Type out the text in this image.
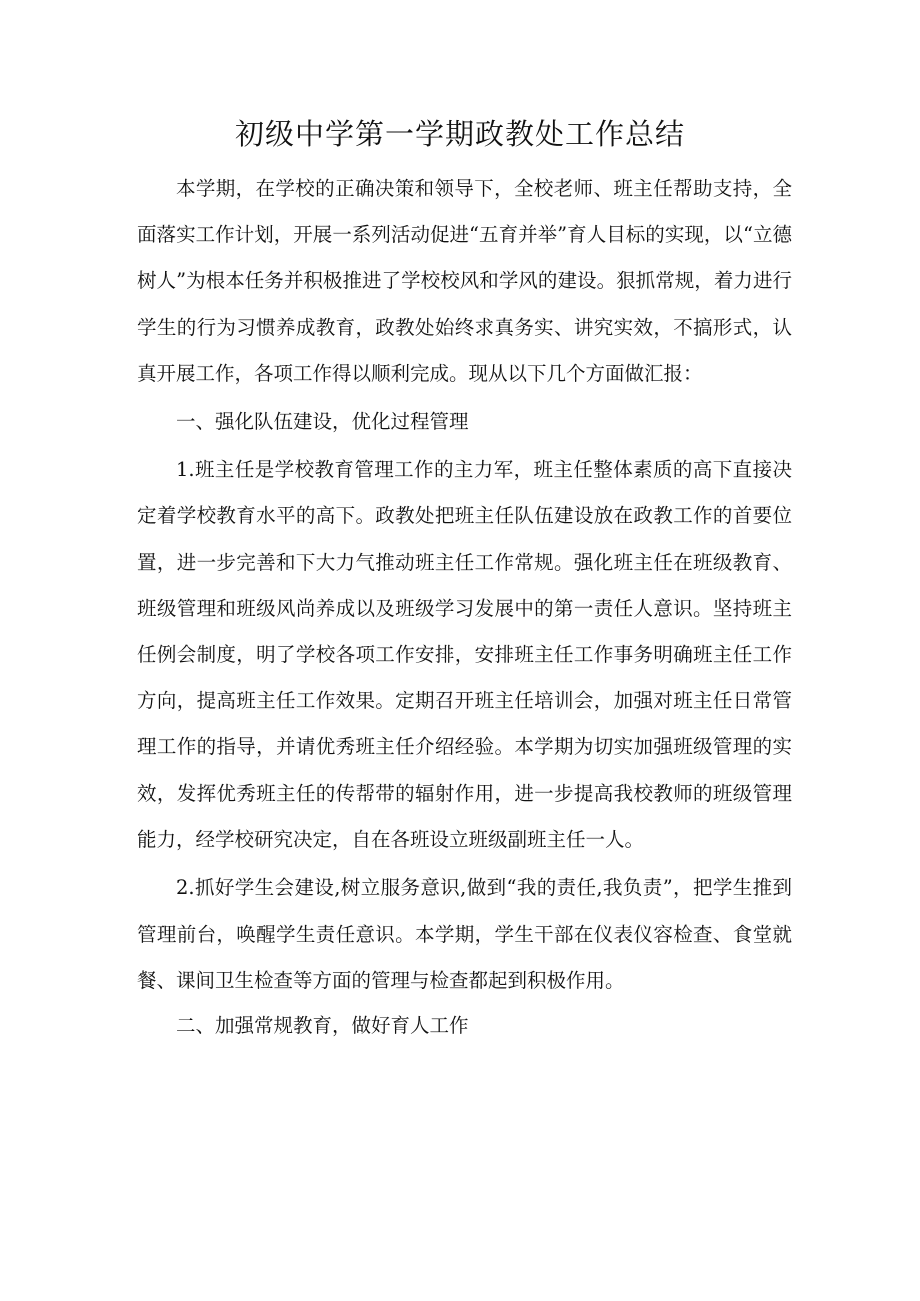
初级中学第一学期政教处工作总结

本学期，在学校的正确决策和领导下，全校老师、班主任帮助支持，全面落实工作计划，开展一系列活动促进“五育并举”育人目标的实现，以“立德树人”为根本任务并积极推进了学校校风和学风的建设。狠抓常规，着力进行学生的行为习惯养成教育，政教处始终求真务实、讲究实效，不搞形式，认真开展工作，各项工作得以顺利完成。现从以下几个方面做汇报：

一、强化队伍建设，优化过程管理

1.班主任是学校教育管理工作的主力军，班主任整体素质的高下直接决定着学校教育水平的高下。政教处把班主任队伍建设放在政教工作的首要位置，进一步完善和下大力气推动班主任工作常规。强化班主任在班级教育、班级管理和班级风尚养成以及班级学习发展中的第一责任人意识。坚持班主任例会制度，明了学校各项工作安排，安排班主任工作事务明确班主任工作方向，提高班主任工作效果。定期召开班主任培训会，加强对班主任日常管理工作的指导，并请优秀班主任介绍经验。本学期为切实加强班级管理的实效，发挥优秀班主任的传帮带的辐射作用，进一步提高我校教师的班级管理能力，经学校研究决定，自在各班设立班级副班主任一人。

2.抓好学生会建设,树立服务意识,做到“我的责任,我负责”，把学生推到管理前台，唤醒学生责任意识。本学期，学生干部在仪表仪容检查、食堂就餐、课间卫生检查等方面的管理与检查都起到积极作用。

二、加强常规教育，做好育人工作
